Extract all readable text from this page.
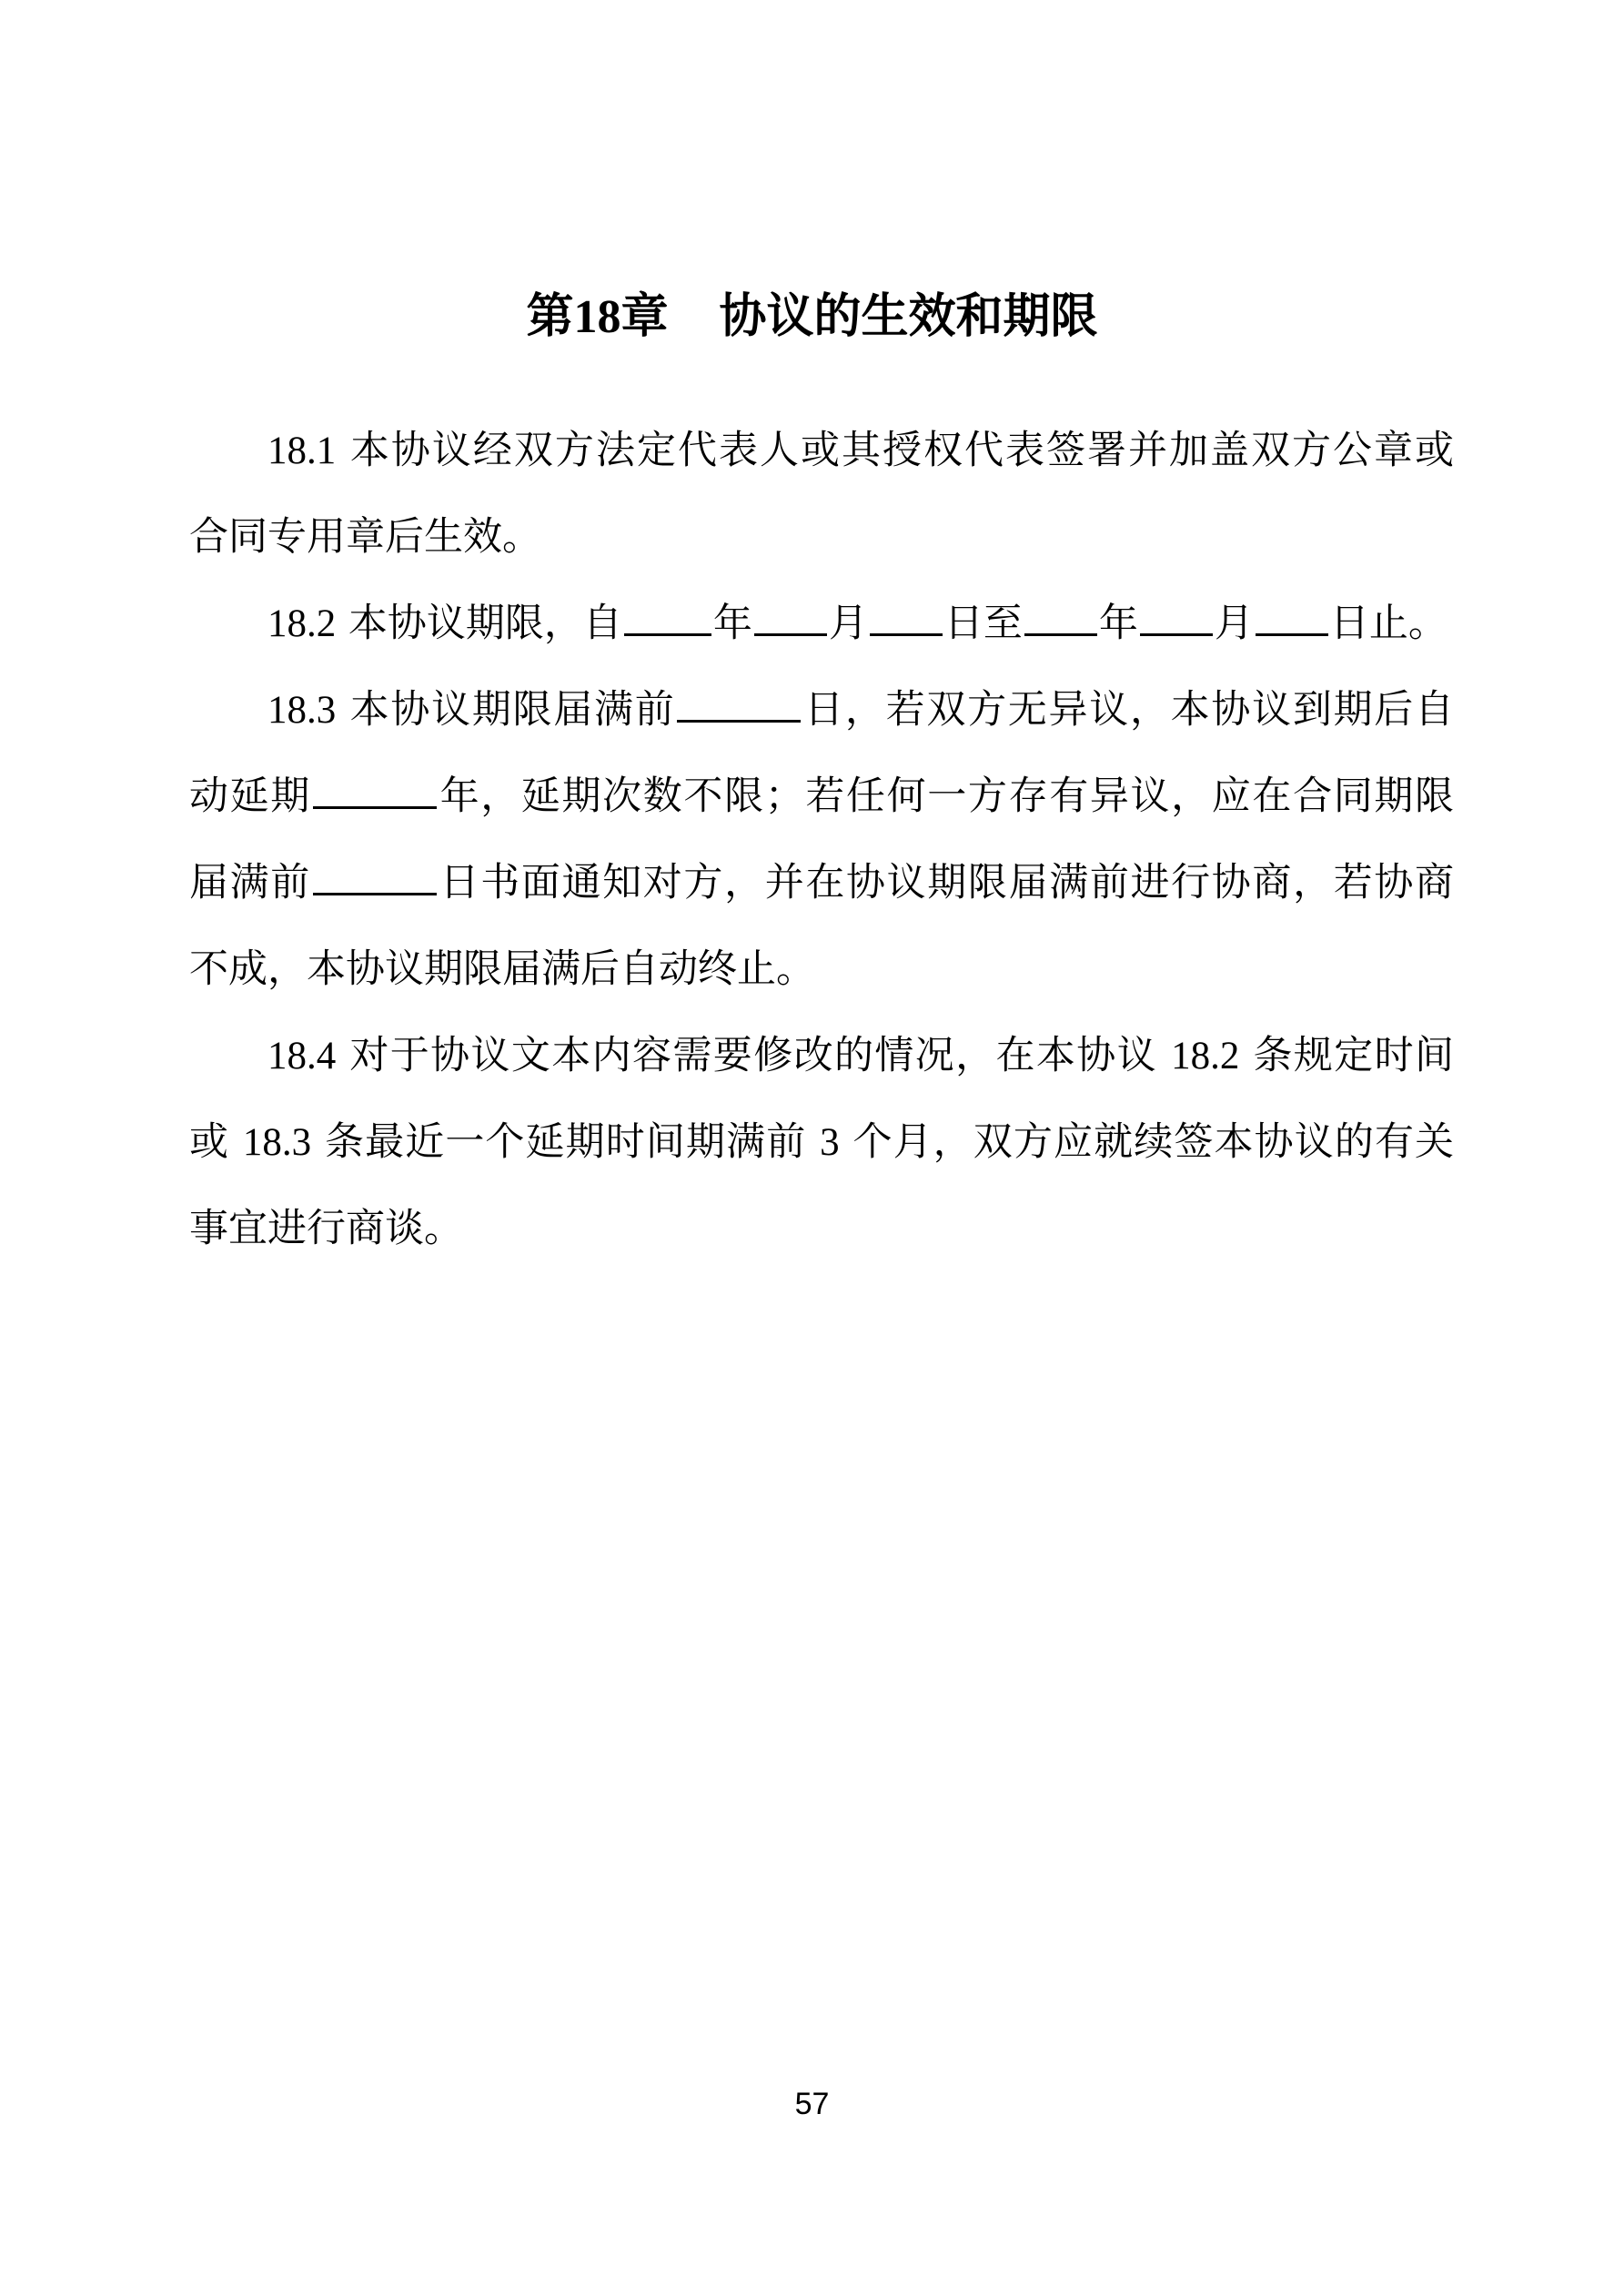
第18章 协议的生效和期限
18.1 本协议经双方法定代表人或其授权代表签署并加盖双方公章或
合同专用章后生效。
18.2 本协议期限，自 年 月 日至 年 月 日止。
18.3 本协议期限届满前	日，若双方无异议，本协议到期后自
动延期	年，延期次数不限；若任何一方存有异议，应在合同期限
届满前	日书面通知对方，并在协议期限届满前进行协商，若协商
不成，本协议期限届满后自动终止。
18.4 对于协议文本内容需要修改的情况，在本协议 18.2 条规定时间
或 18.3 条最近一个延期时间期满前 3 个月，双方应就续签本协议的有关
事宜进行商谈。
57
